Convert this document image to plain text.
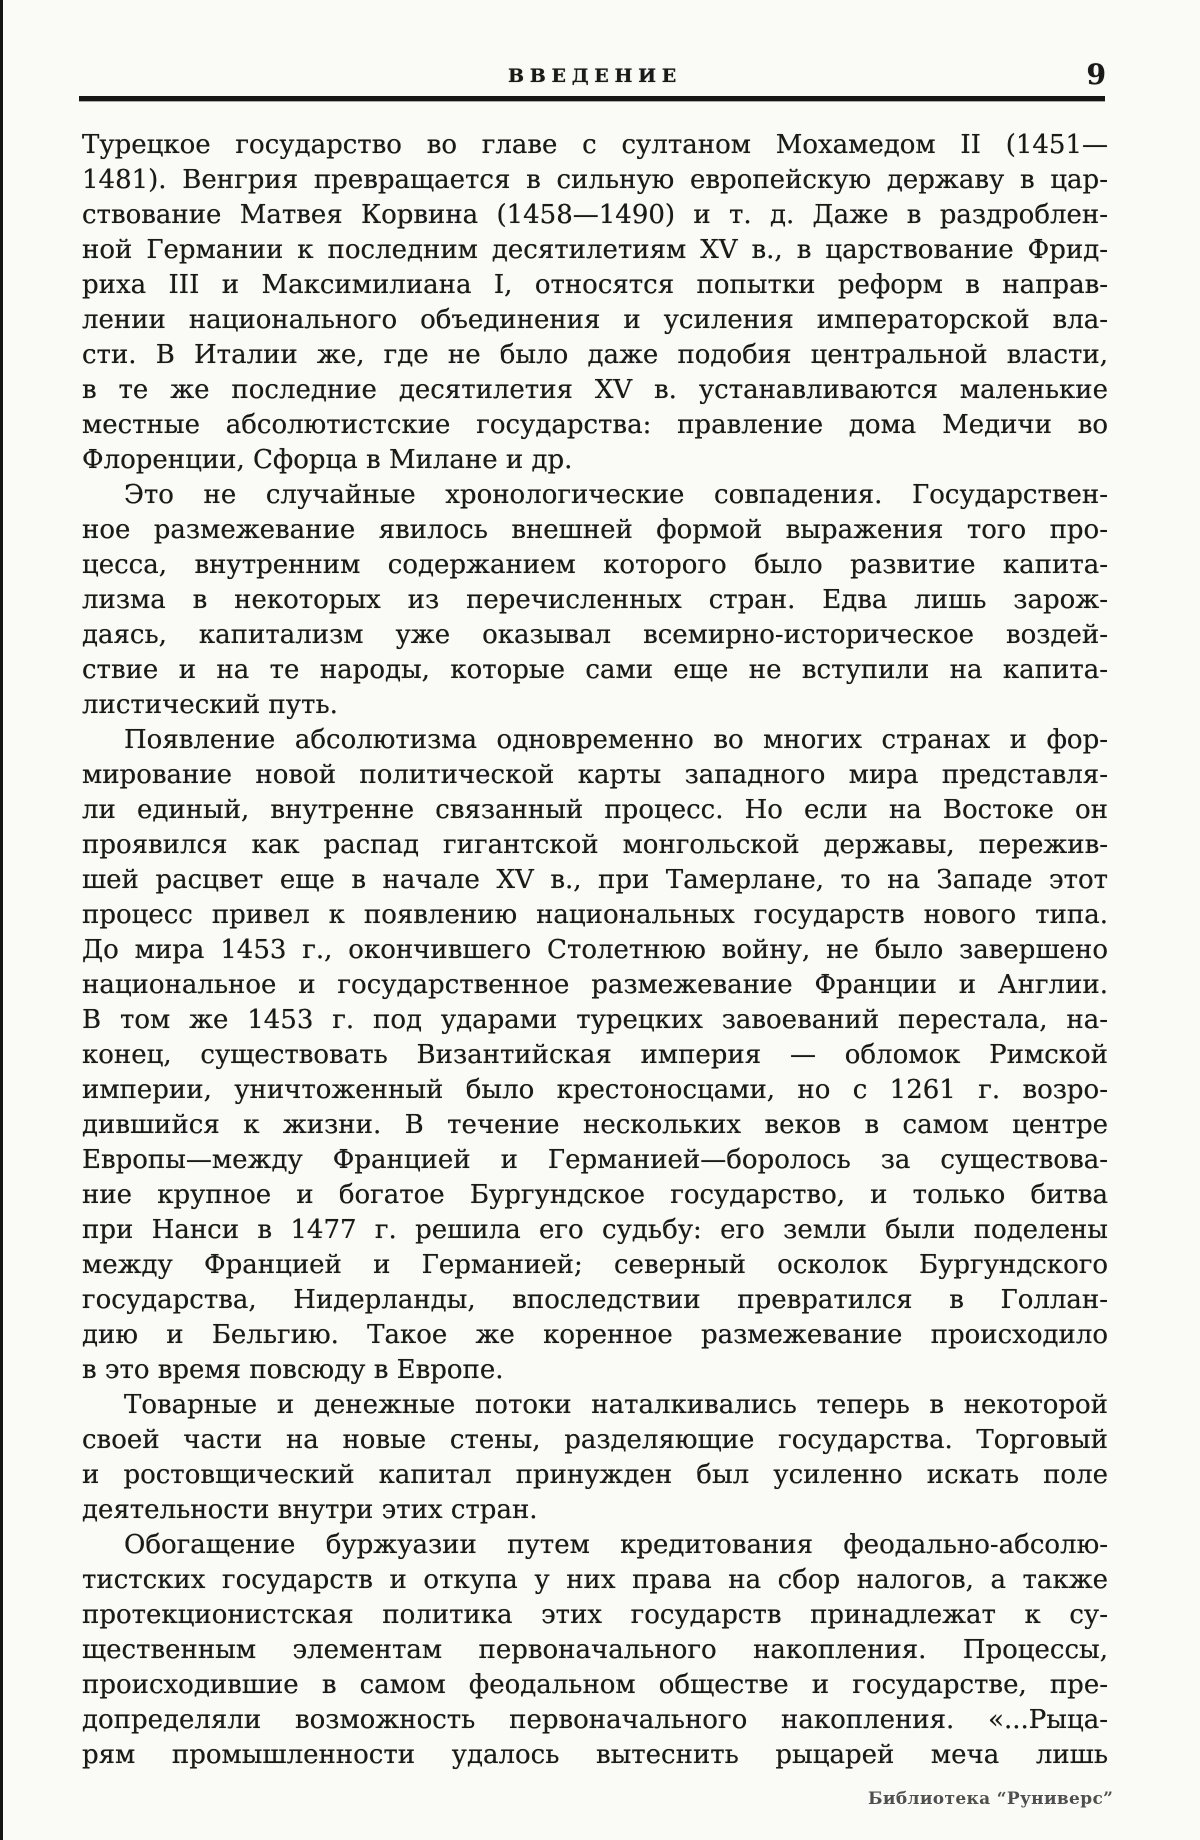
ВВЕДЕНИЕ	9

Турецкое государство во главе с султаном Мохамедом II (1451—
1481). Венгрия превращается в сильную европейскую державу в цар-
ствование Матвея Корвина (1458—1490) и т. д. Даже в раздроблен-
ной Германии к последним десятилетиям XV в., в царствование Фрид-
риха III и Максимилиана I, относятся попытки реформ в направ-
лении национального объединения и усиления императорской вла-
сти. В Италии же, где не было даже подобия центральной власти,
в те же последние десятилетия XV в. устанавливаются маленькие
местные абсолютистские государства: правление дома Медичи во
Флоренции, Сфорца в Милане и др.

Это не случайные хронологические совпадения. Государствен-
ное размежевание явилось внешней формой выражения того про-
цесса, внутренним содержанием которого было развитие капита-
лизма в некоторых из перечисленных стран. Едва лишь зарож-
даясь, капитализм уже оказывал всемирно-историческое воздей-
ствие и на те народы, которые сами еще не вступили на капита-
листический путь.

Появление абсолютизма одновременно во многих странах и фор-
мирование новой политической карты западного мира представля-
ли единый, внутренне связанный процесс. Но если на Востоке он
проявился как распад гигантской монгольской державы, пережив-
шей расцвет еще в начале XV в., при Тамерлане, то на Западе этот
процесс привел к появлению национальных государств нового типа.
До мира 1453 г., окончившего Столетнюю войну, не было завершено
национальное и государственное размежевание Франции и Англии.
В том же 1453 г. под ударами турецких завоеваний перестала, на-
конец, существовать Византийская империя — обломок Римской
империи, уничтоженный было крестоносцами, но с 1261 г. возро-
дившийся к жизни. В течение нескольких веков в самом центре
Европы—между Францией и Германией—боролось за существова-
ние крупное и богатое Бургундское государство, и только битва
при Нанси в 1477 г. решила его судьбу: его земли были поделены
между Францией и Германией; северный осколок Бургундского
государства, Нидерланды, впоследствии превратился в Голлан-
дию и Бельгию. Такое же коренное размежевание происходило
в это время повсюду в Европе.

Товарные и денежные потоки наталкивались теперь в некоторой
своей части на новые стены, разделяющие государства. Торговый
и ростовщический капитал принужден был усиленно искать поле
деятельности внутри этих стран.

Обогащение буржуазии путем кредитования феодально-абсолю-
тистских государств и откупа у них права на сбор налогов, а также
протекционистская политика этих государств принадлежат к су-
щественным элементам первоначального накопления. Процессы,
происходившие в самом феодальном обществе и государстве, пре-
допределяли возможность первоначального накопления. «...Рыца-
рям промышленности удалось вытеснить рыцарей меча лишь

Библиотека “Руниверс”
